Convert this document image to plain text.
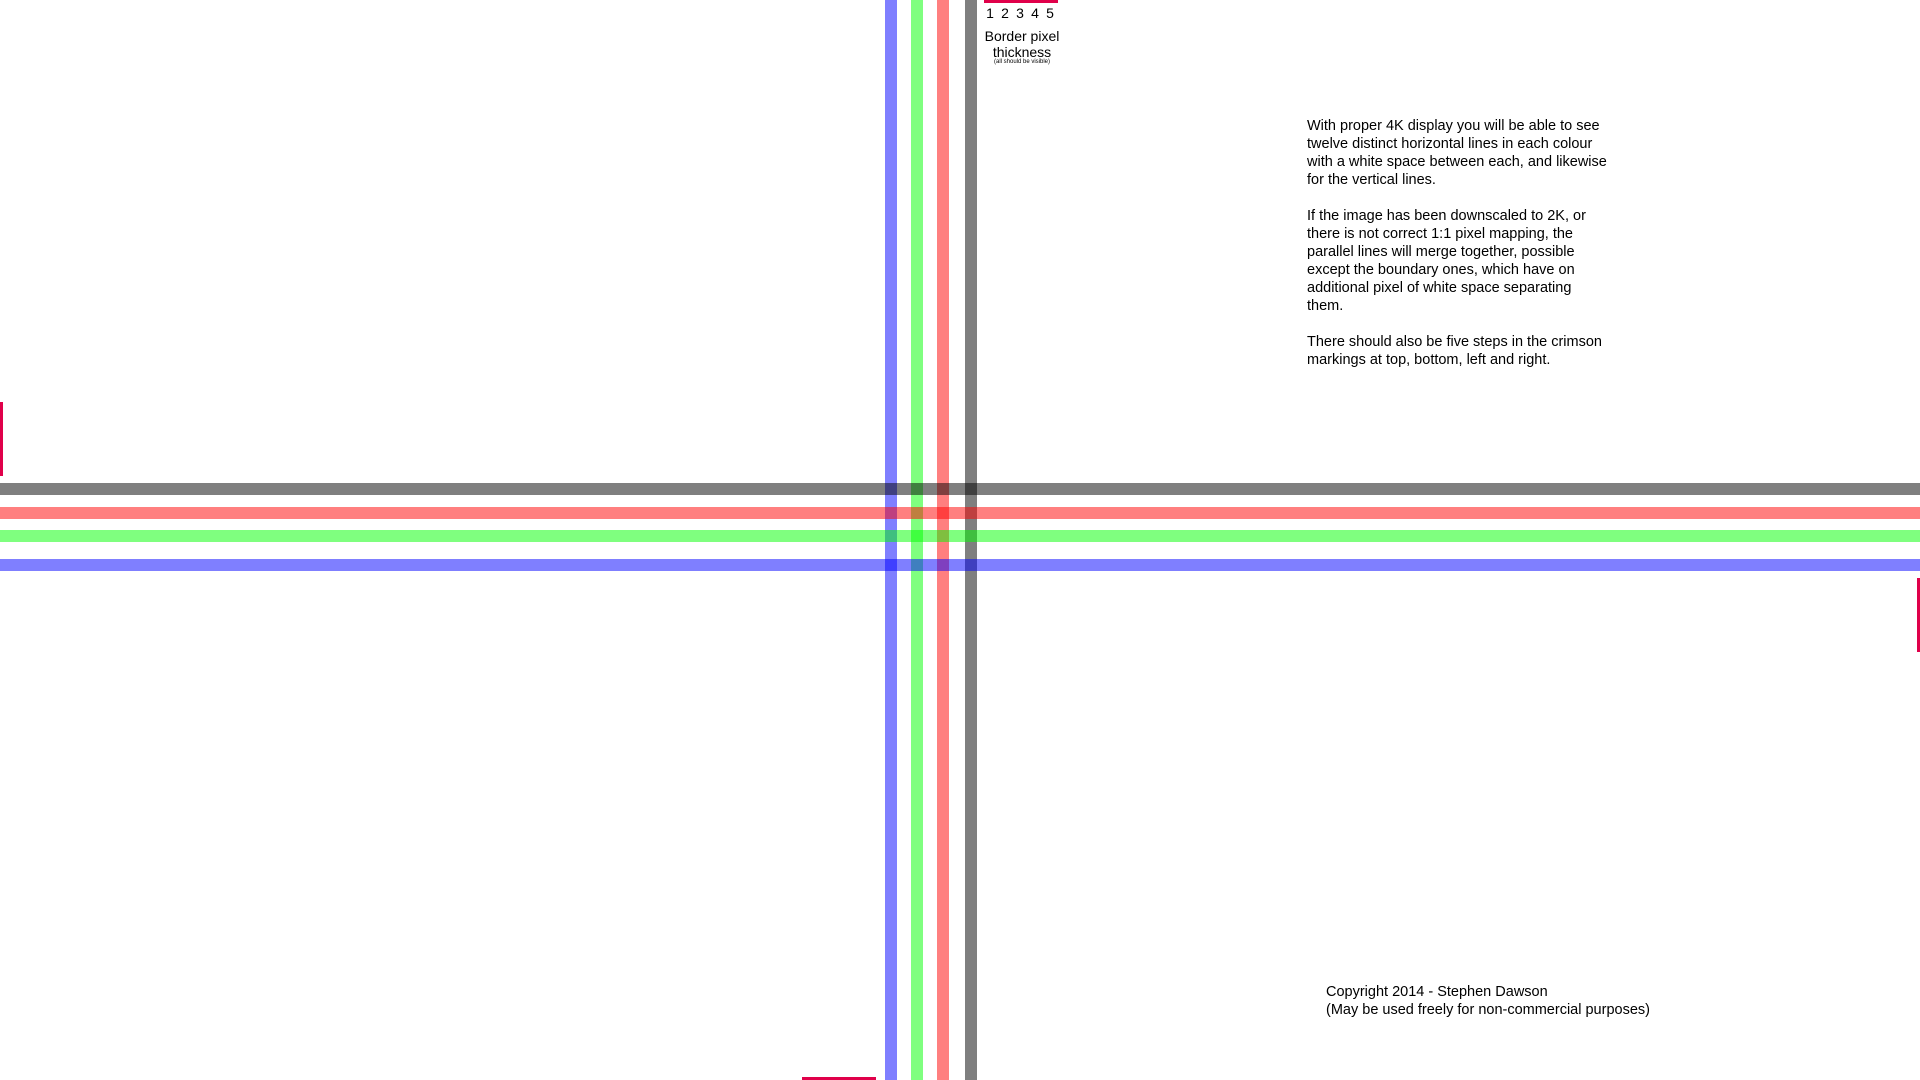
1 2 3 4 5
Border pixel thickness
(all should be visible)

With proper 4K display you will be able to see twelve distinct horizontal lines in each colour with a white space between each, and likewise for the vertical lines.

If the image has been downscaled to 2K, or there is not correct 1:1 pixel mapping, the parallel lines will merge together, possible except the boundary ones, which have on additional pixel of white space separating them.

There should also be five steps in the crimson markings at top, bottom, left and right.

Copyright 2014 - Stephen Dawson
(May be used freely for non-commercial purposes)
